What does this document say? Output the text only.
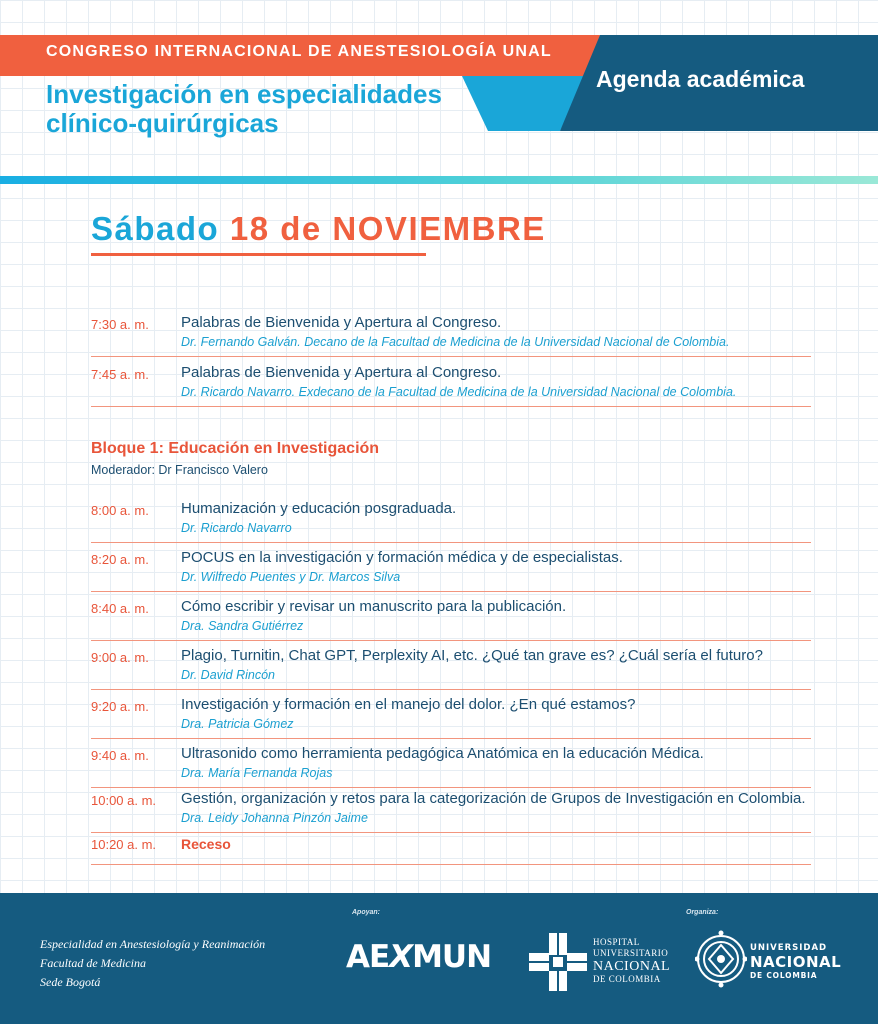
CONGRESO INTERNACIONAL DE ANESTESIOLOGÍA UNAL
Investigación en especialidades clínico-quirúrgicas
Agenda académica
Sábado 18 de NOVIEMBRE
7:30 a. m. Palabras de Bienvenida y Apertura al Congreso.
Dr. Fernando Galván. Decano de la Facultad de Medicina de la Universidad Nacional de Colombia.
7:45 a. m. Palabras de Bienvenida y Apertura al Congreso.
Dr. Ricardo Navarro. Exdecano de la Facultad de Medicina de la Universidad Nacional de Colombia.
Bloque 1: Educación en Investigación
Moderador: Dr Francisco Valero
8:00 a. m. Humanización y educación posgraduada.
Dr. Ricardo Navarro
8:20 a. m. POCUS en la investigación y formación médica y de especialistas.
Dr. Wilfredo Puentes y Dr. Marcos Silva
8:40 a. m. Cómo escribir y revisar un manuscrito para la publicación.
Dra. Sandra Gutiérrez
9:00 a. m. Plagio, Turnitin, Chat GPT, Perplexity AI, etc. ¿Qué tan grave es? ¿Cuál sería el futuro?
Dr. David Rincón
9:20 a. m. Investigación y formación en el manejo del dolor. ¿En qué estamos?
Dra. Patricia Gómez
9:40 a. m. Ultrasonido como herramienta pedagógica Anatómica en la educación Médica.
Dra. María Fernanda Rojas
10:00 a. m. Gestión, organización y retos para la categorización de Grupos de Investigación en Colombia.
Dra. Leidy Johanna Pinzón Jaime
10:20 a. m. Receso
Especialidad en Anestesiología y Reanimación
Facultad de Medicina
Sede Bogotá
Apoyan:	Organiza:
AEXMUN	HOSPITAL
UNIVERSITARIO
NACIONAL
DE COLOMBIA
UNIVERSIDAD
NACIONAL
DE COLOMBIA
